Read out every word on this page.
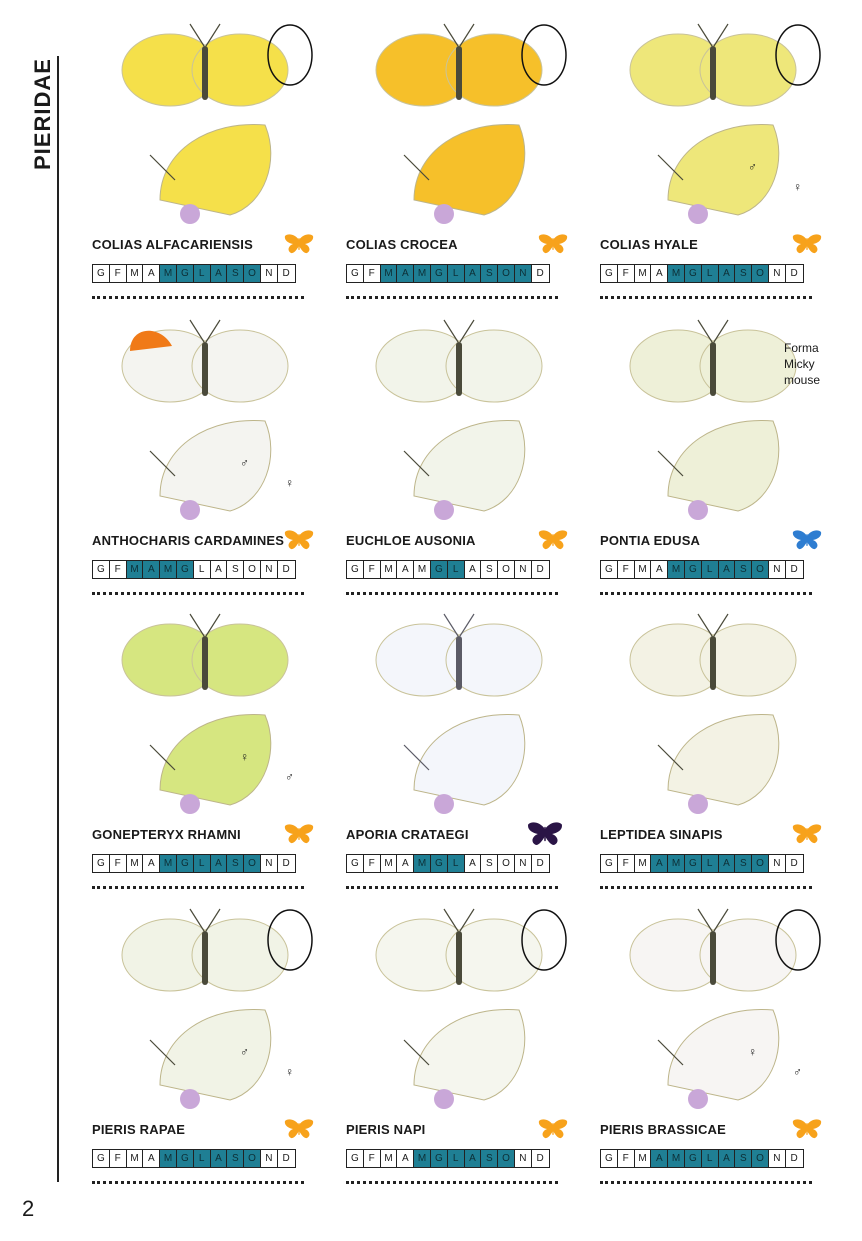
PIERIDAE
2
COLIAS ALFACARIENSIS
G F M A M G	L	A	S O N	D
COLIAS CROCEA
G F M A M G	L	A	S O N	D
♂
♀
COLIAS HYALE
G F M A M G	L	A	S O N	D
♂
♀
ANTHOCHARIS CARDAMINES
G F M A M G	L	A	S O N	D
EUCHLOE AUSONIA
G F M A M G	L	A	S O N	D
Forma Micky mouse
PONTIA EDUSA
G F M A M G	L	A	S O N	D
♀
♂
GONEPTERYX RHAMNI
G F M A M G	L	A	S O N	D
APORIA CRATAEGI
G F M A M G	L	A	S O N	D
LEPTIDEA SINAPIS
G F M A M G	L	A	S O N	D
♂
♀
PIERIS RAPAE
G F M A M G	L	A	S O N	D
PIERIS NAPI
G F M A M G	L	A	S O N	D
♀
♂
PIERIS BRASSICAE
G F M A M G	L	A	S O N	D
